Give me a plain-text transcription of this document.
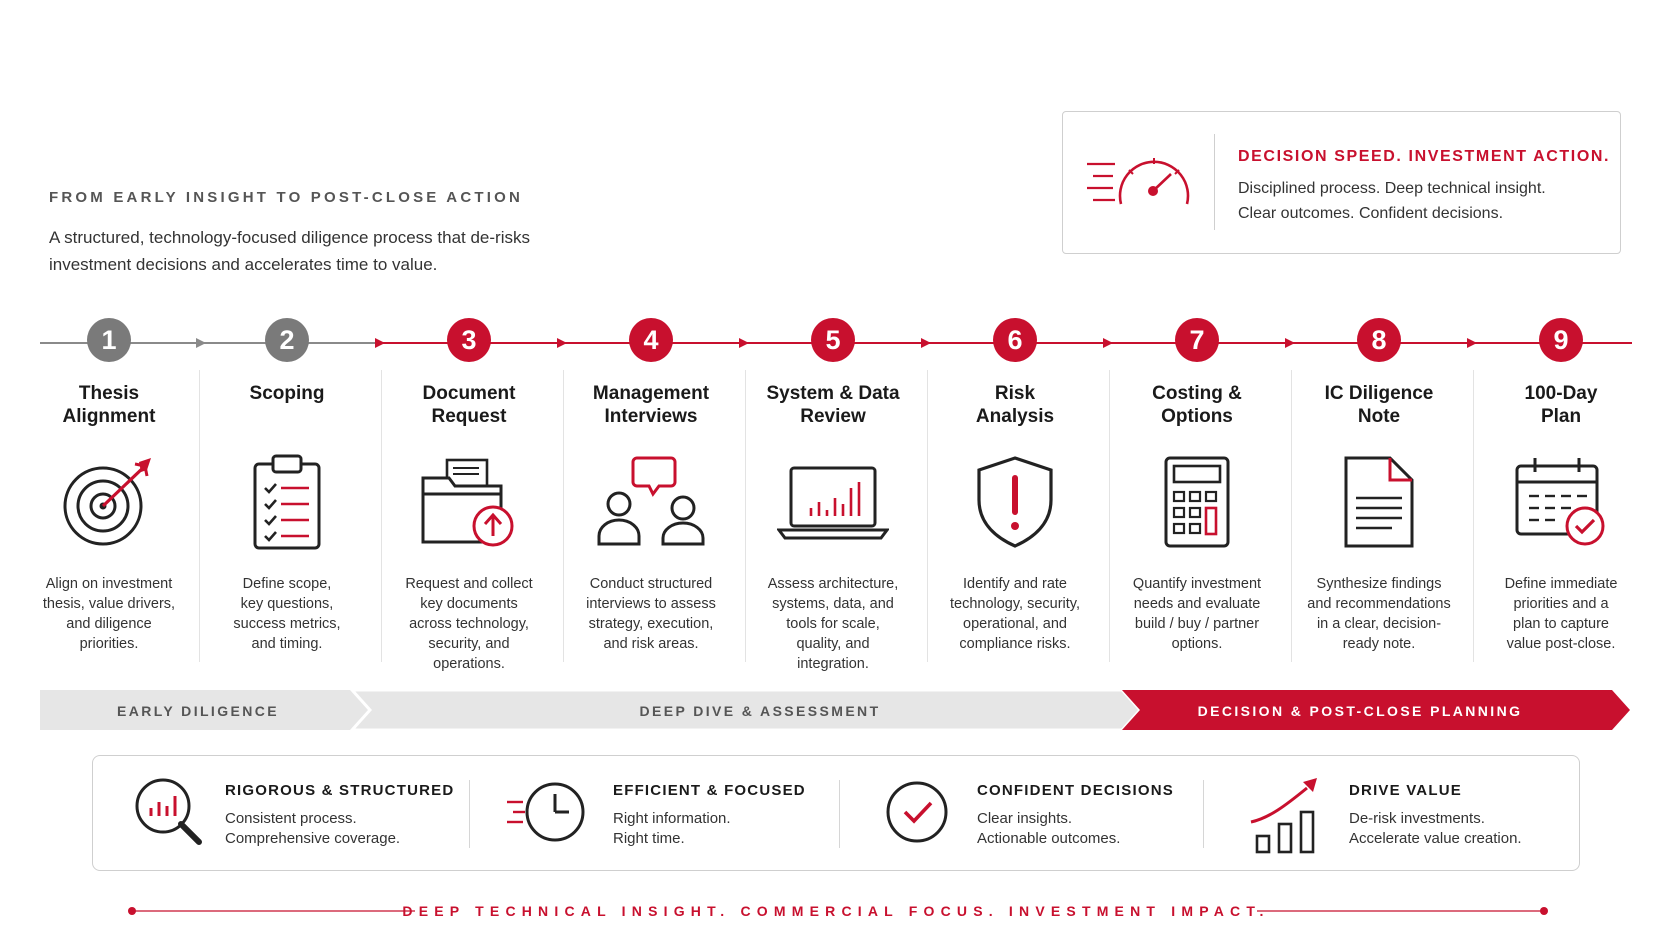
FROM EARLY INSIGHT TO POST-CLOSE ACTION
A structured, technology-focused diligence process that de-risks
investment decisions and accelerates time to value.
DECISION SPEED. INVESTMENT ACTION.
Disciplined process. Deep technical insight.
Clear outcomes. Confident decisions.
1
Thesis
Alignment
Align on investment
thesis, value drivers,
and diligence
priorities.
2
Scoping
Define scope,
key questions,
success metrics,
and timing.
3
Document
Request
Request and collect
key documents
across technology,
security, and
operations.
4
Management
Interviews
Conduct structured
interviews to assess
strategy, execution,
and risk areas.
5
System & Data
Review
Assess architecture,
systems, data, and
tools for scale,
quality, and
integration.
6
Risk
Analysis
Identify and rate
technology, security,
operational, and
compliance risks.
7
Costing &
Options
Quantify investment
needs and evaluate
build / buy / partner
options.
8
IC Diligence
Note
Synthesize findings
and recommendations
in a clear, decision-
ready note.
9
100-Day
Plan
Define immediate
priorities and a
plan to capture
value post-close.
EARLY DILIGENCE	DEEP DIVE & ASSESSMENT	DECISION & POST-CLOSE PLANNING
RIGOROUS & STRUCTURED
Consistent process.
Comprehensive coverage.
EFFICIENT & FOCUSED
Right information.
Right time.
CONFIDENT DECISIONS
Clear insights.
Actionable outcomes.
DRIVE VALUE
De-risk investments.
Accelerate value creation.
DEEP TECHNICAL INSIGHT. COMMERCIAL FOCUS. INVESTMENT IMPACT.
